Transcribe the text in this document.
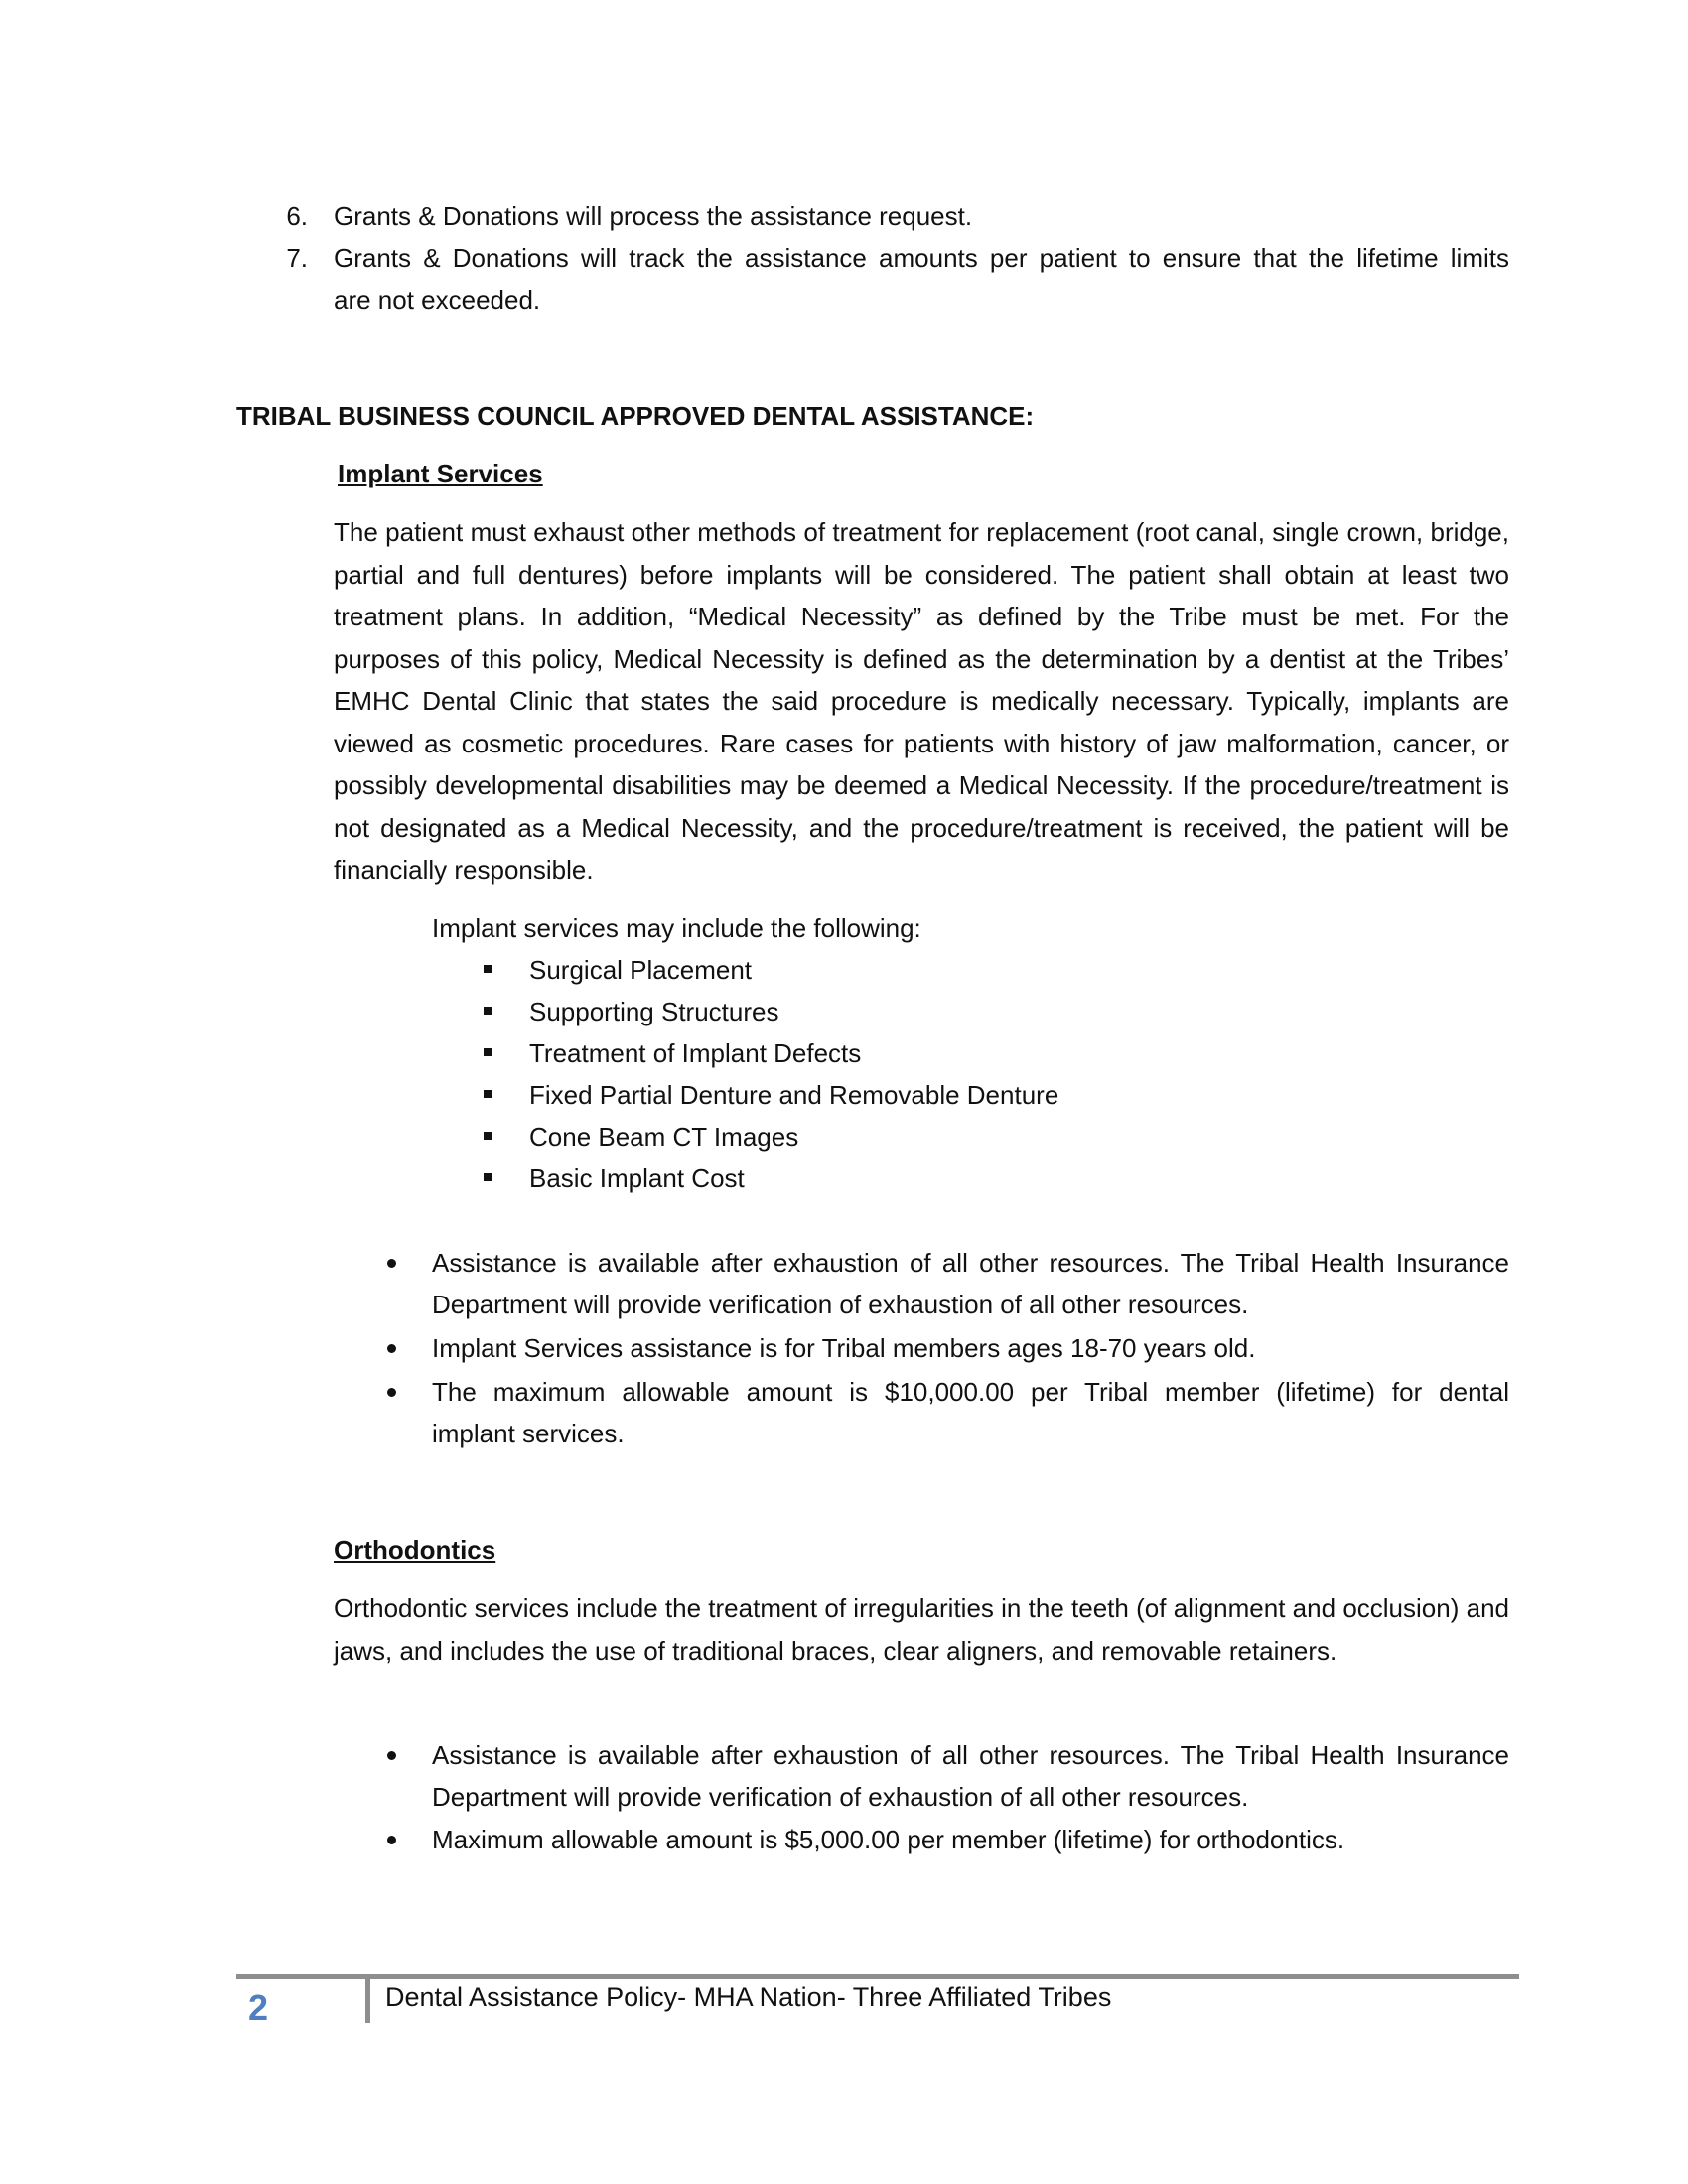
6. Grants & Donations will process the assistance request.
7. Grants & Donations will track the assistance amounts per patient to ensure that the lifetime limits
are not exceeded.
TRIBAL BUSINESS COUNCIL APPROVED DENTAL ASSISTANCE:
Implant Services
The patient must exhaust other methods of treatment for replacement (root canal, single crown, bridge, partial and full dentures) before implants will be considered. The patient shall obtain at least two treatment plans. In addition, “Medical Necessity” as defined by the Tribe must be met. For the purposes of this policy, Medical Necessity is defined as the determination by a dentist at the Tribes’ EMHC Dental Clinic that states the said procedure is medically necessary. Typically, implants are viewed as cosmetic procedures. Rare cases for patients with history of jaw malformation, cancer, or possibly developmental disabilities may be deemed a Medical Necessity. If the procedure/treatment is not designated as a Medical Necessity, and the procedure/treatment is received, the patient will be financially responsible.
Implant services may include the following:
Surgical Placement
Supporting Structures
Treatment of Implant Defects
Fixed Partial Denture and Removable Denture
Cone Beam CT Images
Basic Implant Cost
Assistance is available after exhaustion of all other resources. The Tribal Health Insurance
Department will provide verification of exhaustion of all other resources.
Implant Services assistance is for Tribal members ages 18-70 years old.
The maximum allowable amount is $10,000.00 per Tribal member (lifetime) for dental
implant services.
Orthodontics
Orthodontic services include the treatment of irregularities in the teeth (of alignment and occlusion) and jaws, and includes the use of traditional braces, clear aligners, and removable retainers.
Assistance is available after exhaustion of all other resources. The Tribal Health Insurance
Department will provide verification of exhaustion of all other resources.
Maximum allowable amount is $5,000.00 per member (lifetime) for orthodontics.
2	Dental Assistance Policy- MHA Nation- Three Affiliated Tribes
